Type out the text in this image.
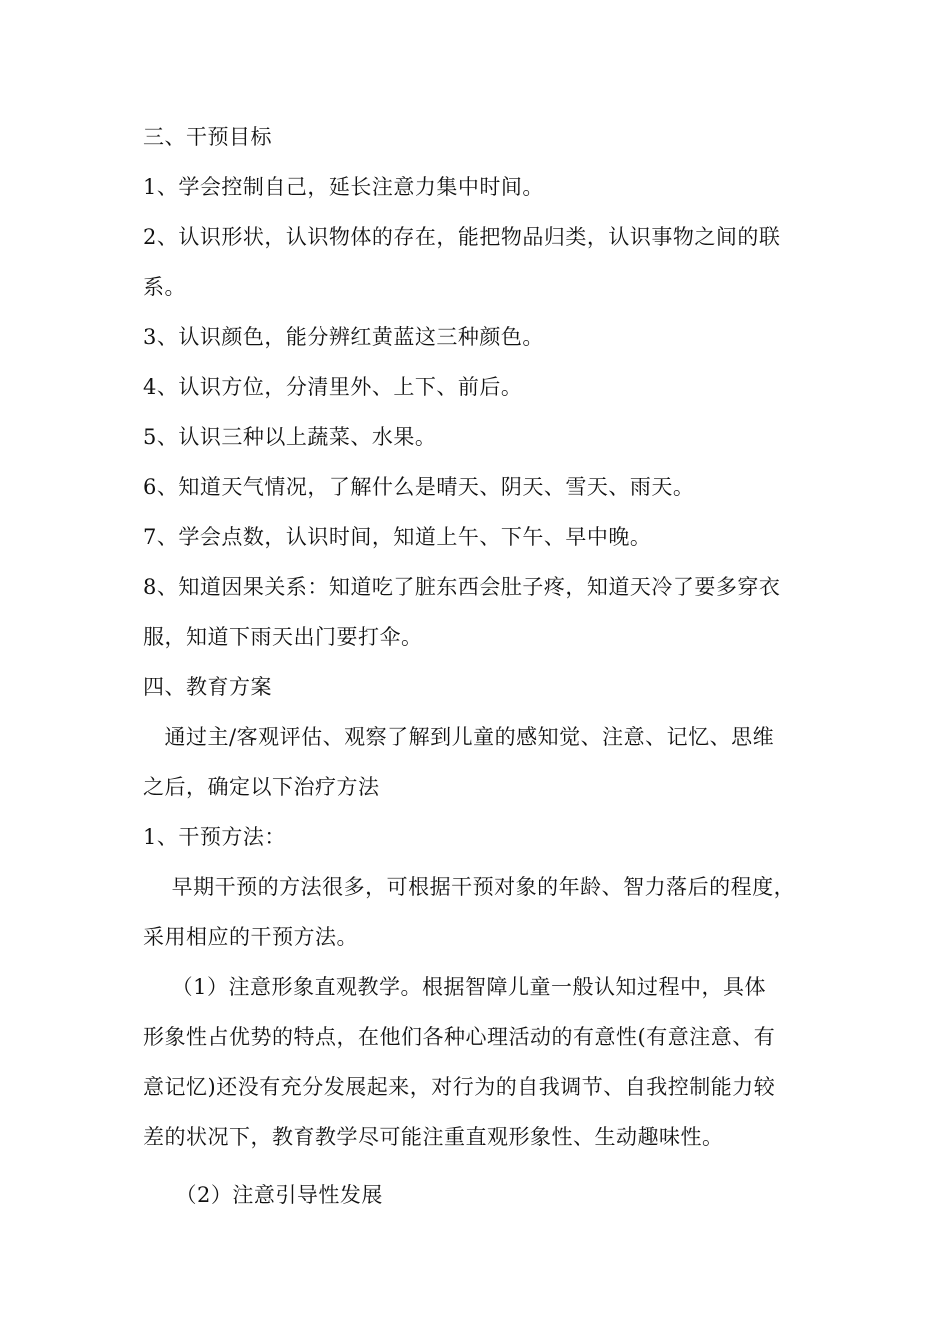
三、干预目标

1、学会控制自己，延长注意力集中时间。

2、认识形状，认识物体的存在，能把物品归类，认识事物之间的联

系。

3、认识颜色，能分辨红黄蓝这三种颜色。

4、认识方位，分清里外、上下、前后。

5、认识三种以上蔬菜、水果。

6、知道天气情况，了解什么是晴天、阴天、雪天、雨天。

7、学会点数，认识时间，知道上午、下午、早中晚。

8、知道因果关系：知道吃了脏东西会肚子疼，知道天冷了要多穿衣

服，知道下雨天出门要打伞。

四、教育方案

　通过主/客观评估、观察了解到儿童的感知觉、注意、记忆、思维

之后，确定以下治疗方法

1、干预方法：

　 早期干预的方法很多，可根据干预对象的年龄、智力落后的程度，

采用相应的干预方法。

　 （1）注意形象直观教学。根据智障儿童一般认知过程中，具体

形象性占优势的特点，在他们各种心理活动的有意性(有意注意、有

意记忆)还没有充分发展起来，对行为的自我调节、自我控制能力较

差的状况下，教育教学尽可能注重直观形象性、生动趣味性。

　　（2）注意引导性发展
